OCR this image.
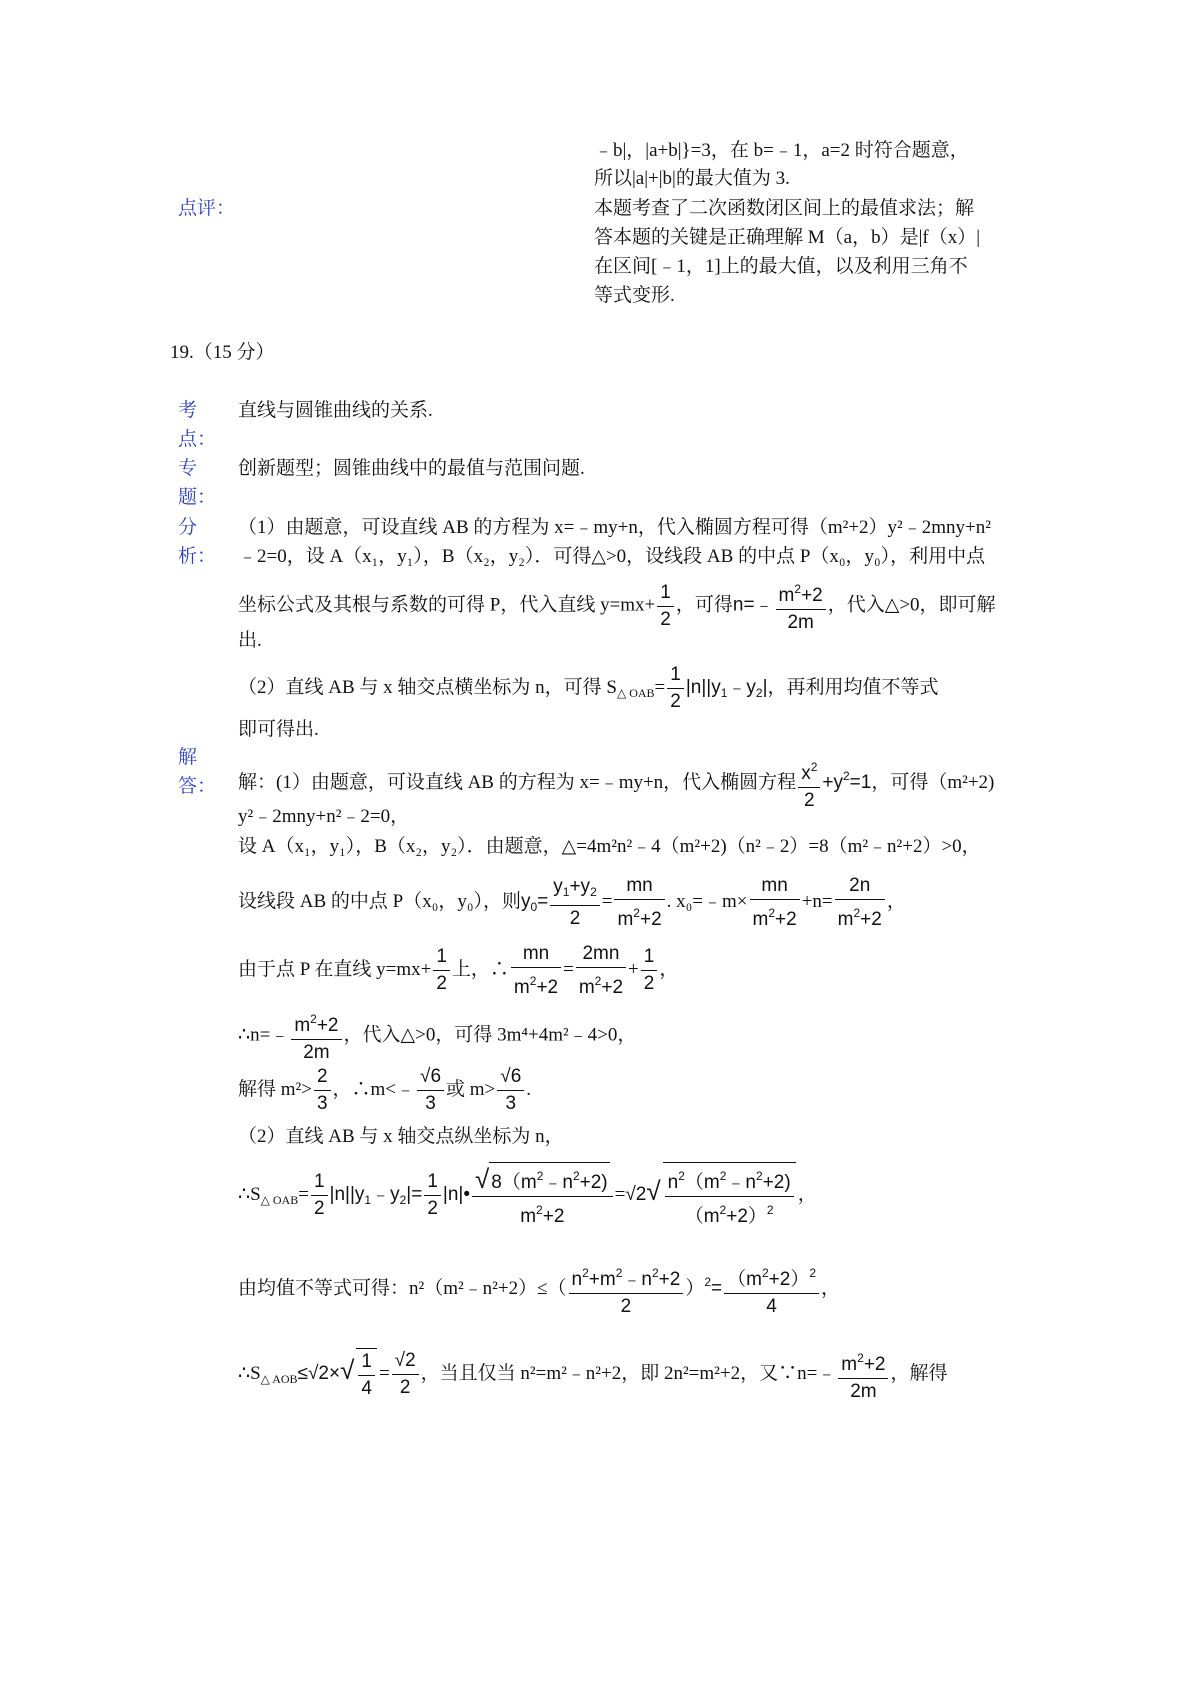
﹣b|，|a+b|}=3，在 b=﹣1，a=2 时符合题意，
所以|a|+|b|的最大值为 3.
点评：	本题考查了二次函数闭区间上的最值求法；解
答本题的关键是正确理解 M（a，b）是|f（x）|
在区间[﹣1，1]上的最大值，以及利用三角不
等式变形.
19.（15 分）
考
点：
直线与圆锥曲线的关系.
专
题：
创新题型；圆锥曲线中的最值与范围问题.
分
析：
（1）由题意，可设直线 AB 的方程为 x=﹣my+n，代入椭圆方程可得（m²+2）y²﹣2mny+n²
﹣2=0，设 A（x₁，y₁），B（x₂，y₂）．可得△>0，设线段 AB 的中点 P（x₀，y₀），利用中点
坐标公式及其根与系数的可得 P，代入直线 $y=mx+ \frac{1}{2}$ ，可得n=﹣ $\frac{m^2+2}{2m}$ ，代入△>0，即可解
出.
（2）直线 AB 与 x 轴交点横坐标为 n，可得 $S_{\triangle OAB}= \frac{1}{2}$ $|n||y_1﹣y_2|$，再利用均值不等式
即可得出.
解
答： 解：(1）由题意，可设直线 AB 的方程为 x=﹣my+n，代入椭圆方程 $\frac{x^2}{2} +y^2=1$，可得（m²+2)
y²﹣2mny+n²﹣2=0，
设 A（x₁，y₁），B（x₂，y₂）．由题意，△=4m²n²﹣4（m²+2)（n²﹣2）=8（m²﹣n²+2）>0，
设线段 AB 的中点 P（x₀，y₀），则$y_0= \frac{y_1+y_2}{2} = \frac{mn}{m^2+2}$ . x₀=﹣m× $\frac{mn}{m^2+2} +n= \frac{2n}{m^2+2}$ ，
由于点 P 在直线 $y=mx+ \frac{1}{2}$ 上，∴ $\frac{mn}{m^2+2} = \frac{2mn}{m^2+2} + \frac{1}{2}$ ，
∴n=﹣ $\frac{m^2+2}{2m}$ ，代入△>0，可得 3m⁴+4m²﹣4>0，
解得 $m^2> \frac{2}{3}$ ，∴m<﹣ $\frac{√6}{3}$ 或 $m> \frac{√6}{3}$ .
（2）直线 AB 与 x 轴交点纵坐标为 n，
$\therefore S_{\triangle OAB}= \frac{1}{2}$ $|n||y_1﹣y_2|= \frac{1}{2}$ |n|• $\frac{√ 8(m^2﹣n^2+2)}{m^2+2} =√2√ \frac{n^2(m^2﹣n^2+2)}{(m^2+2)^2}$ ，
由均值不等式可得：n²（m²﹣n²+2）≤（ $\frac{n^2+m^2﹣n^2+2}{2} )^2= \frac{(m^2+2)^2}{4}$ ，
$\therefore S_{\triangle AOB}\le√2\times√ \frac{1}{4} = \frac{√2}{2}$ ，当且仅当 n²=m²﹣n²+2，即 2n²=m²+2，又∵n=﹣ $\frac{m^2+2}{2m}$ ，解得
